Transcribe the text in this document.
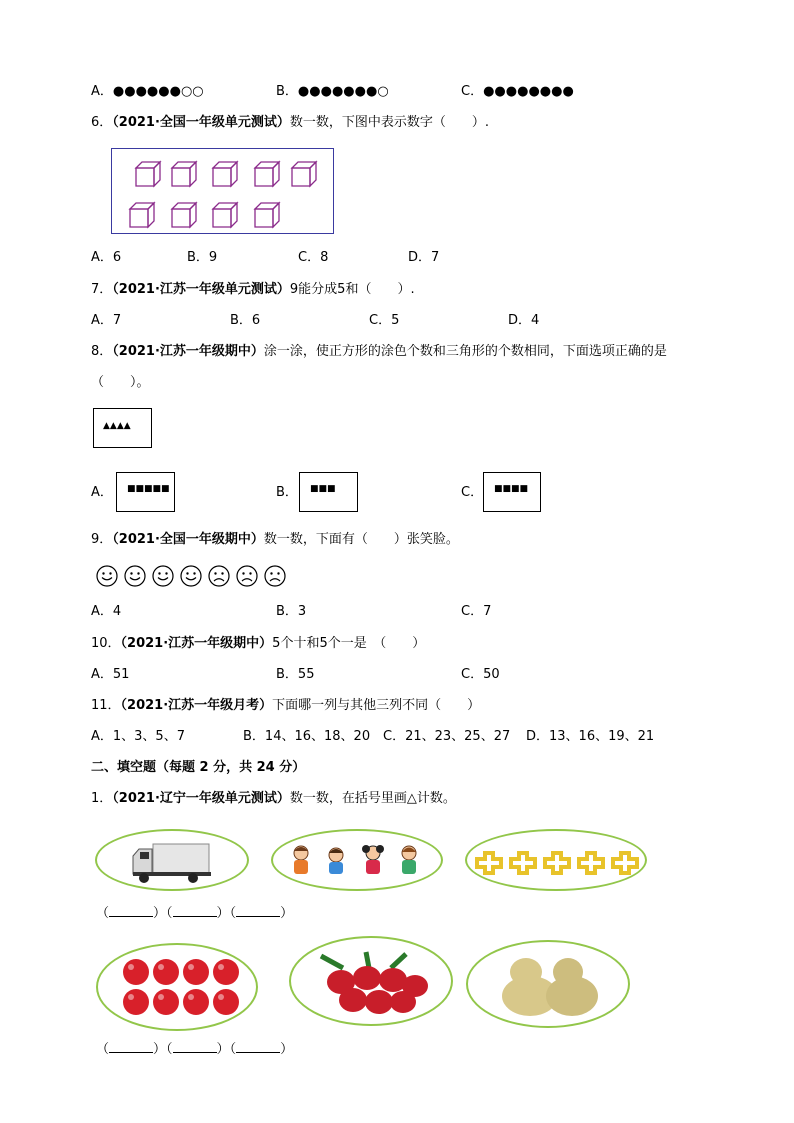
A．●●●●●●○○	B．●●●●●●●○	C．●●●●●●●●
6．（2021·全国一年级单元测试）数一数，下图中表示数字（　　）.
A．6	B．9	C．8	D．7
7．（2021·江苏一年级单元测试）9能分成5和（　　）.
A．7	B．6	C．5	D．4
8．（2021·江苏一年级期中）涂一涂，使正方形的涂色个数和三角形的个数相同，下面选项正确的是
（　　）。
▲▲▲▲
A． ■■■■■	B． ■■■	C． ■■■■
9．（2021·全国一年级期中）数一数，下面有（　　）张笑脸。
A．4	B．3	C．7
10．（2021·江苏一年级期中）5个十和5个一是　（　　）
A．51	B．55	C．50
11．（2021·江苏一年级月考）下面哪一列与其他三列不同（　　）
A．1、3、5、7	B．14、16、18、20 C．21、23、25、27 D．13、16、19、21
二、填空题（每题 2 分，共 24 分）
1．（2021·辽宁一年级单元测试）数一数，在括号里画△计数。
（	）（	）（	）
（	）（	）（	）
